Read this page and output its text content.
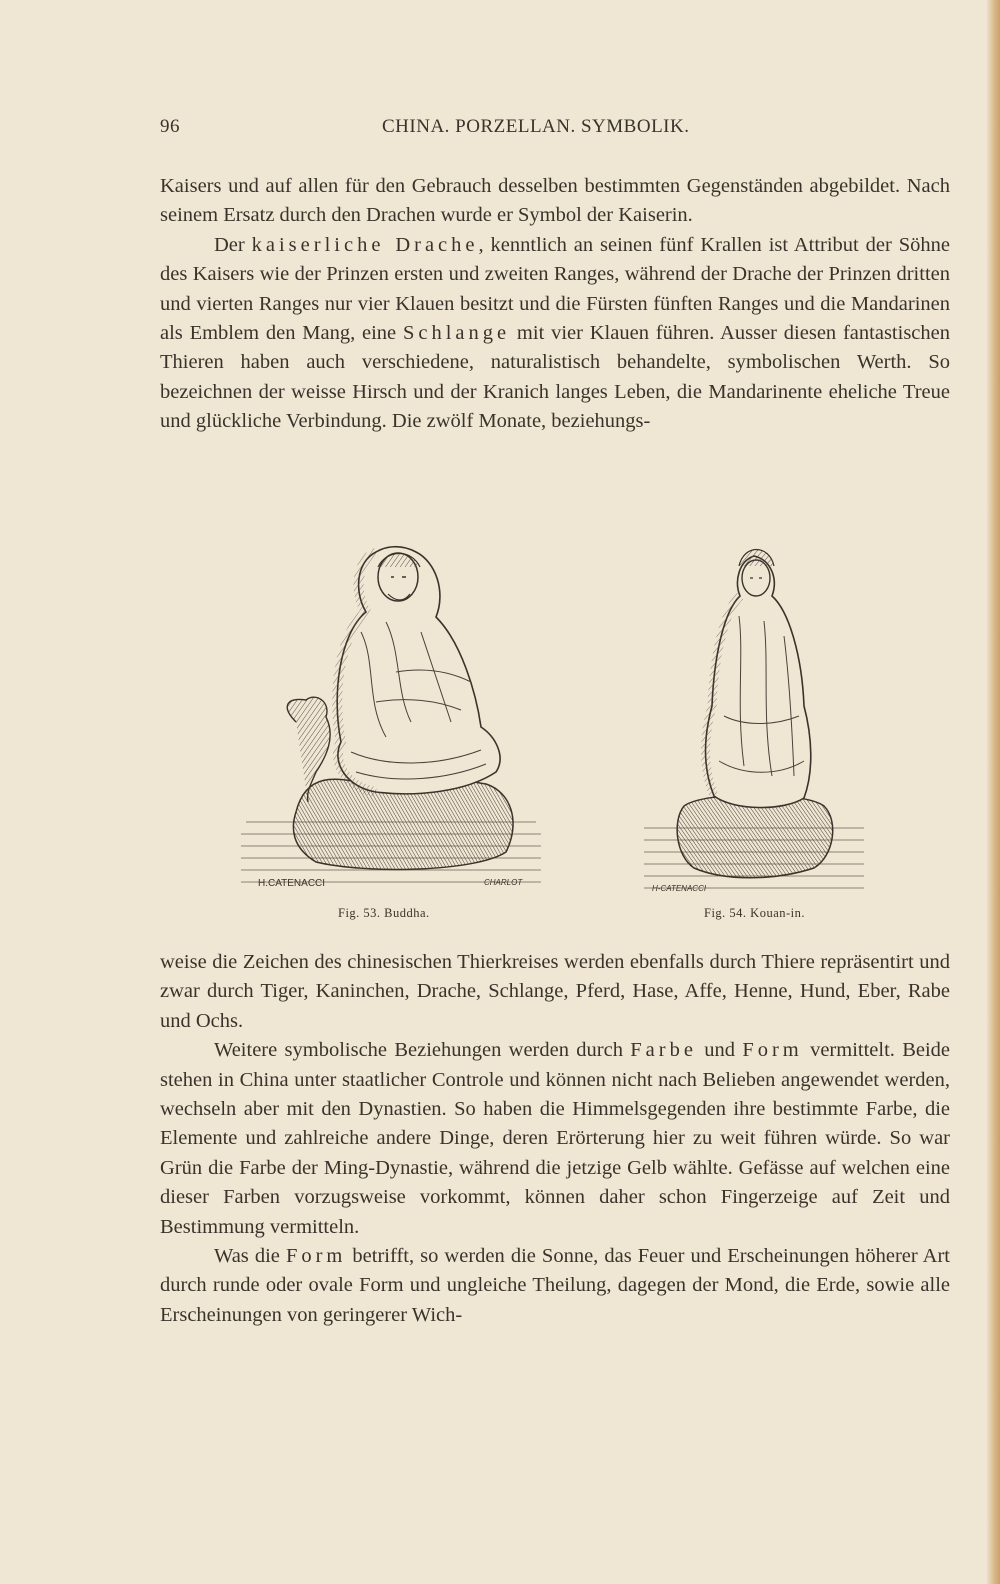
96	CHINA. PORZELLAN. SYMBOLIK.

Kaisers und auf allen für den Gebrauch desselben bestimmten Gegenständen abgebildet. Nach seinem Ersatz durch den Drachen wurde er Symbol der Kaiserin.

Der kaiserliche Drache, kenntlich an seinen fünf Krallen ist Attribut der Söhne des Kaisers wie der Prinzen ersten und zweiten Ranges, während der Drache der Prinzen dritten und vierten Ranges nur vier Klauen besitzt und die Fürsten fünften Ranges und die Mandarinen als Emblem den Mang, eine Schlange mit vier Klauen führen. Ausser diesen fantastischen Thieren haben auch verschiedene, naturalistisch behandelte, symbolischen Werth. So bezeichnen der weisse Hirsch und der Kranich langes Leben, die Mandarinente eheliche Treue und glückliche Verbindung. Die zwölf Monate, beziehungs-

H.CATENACCI	CHARLOT
Fig. 53. Buddha.
H-CATENACCI
Fig. 54. Kouan-in.

weise die Zeichen des chinesischen Thierkreises werden ebenfalls durch Thiere repräsentirt und zwar durch Tiger, Kaninchen, Drache, Schlange, Pferd, Hase, Affe, Henne, Hund, Eber, Rabe und Ochs.

Weitere symbolische Beziehungen werden durch Farbe und Form vermittelt. Beide stehen in China unter staatlicher Controle und können nicht nach Belieben angewendet werden, wechseln aber mit den Dynastien. So haben die Himmelsgegenden ihre bestimmte Farbe, die Elemente und zahlreiche andere Dinge, deren Erörterung hier zu weit führen würde. So war Grün die Farbe der Ming-Dynastie, während die jetzige Gelb wählte. Gefässe auf welchen eine dieser Farben vorzugsweise vorkommt, können daher schon Fingerzeige auf Zeit und Bestimmung vermitteln.

Was die Form betrifft, so werden die Sonne, das Feuer und Erscheinungen höherer Art durch runde oder ovale Form und ungleiche Theilung, dagegen der Mond, die Erde, sowie alle Erscheinungen von geringerer Wich-
